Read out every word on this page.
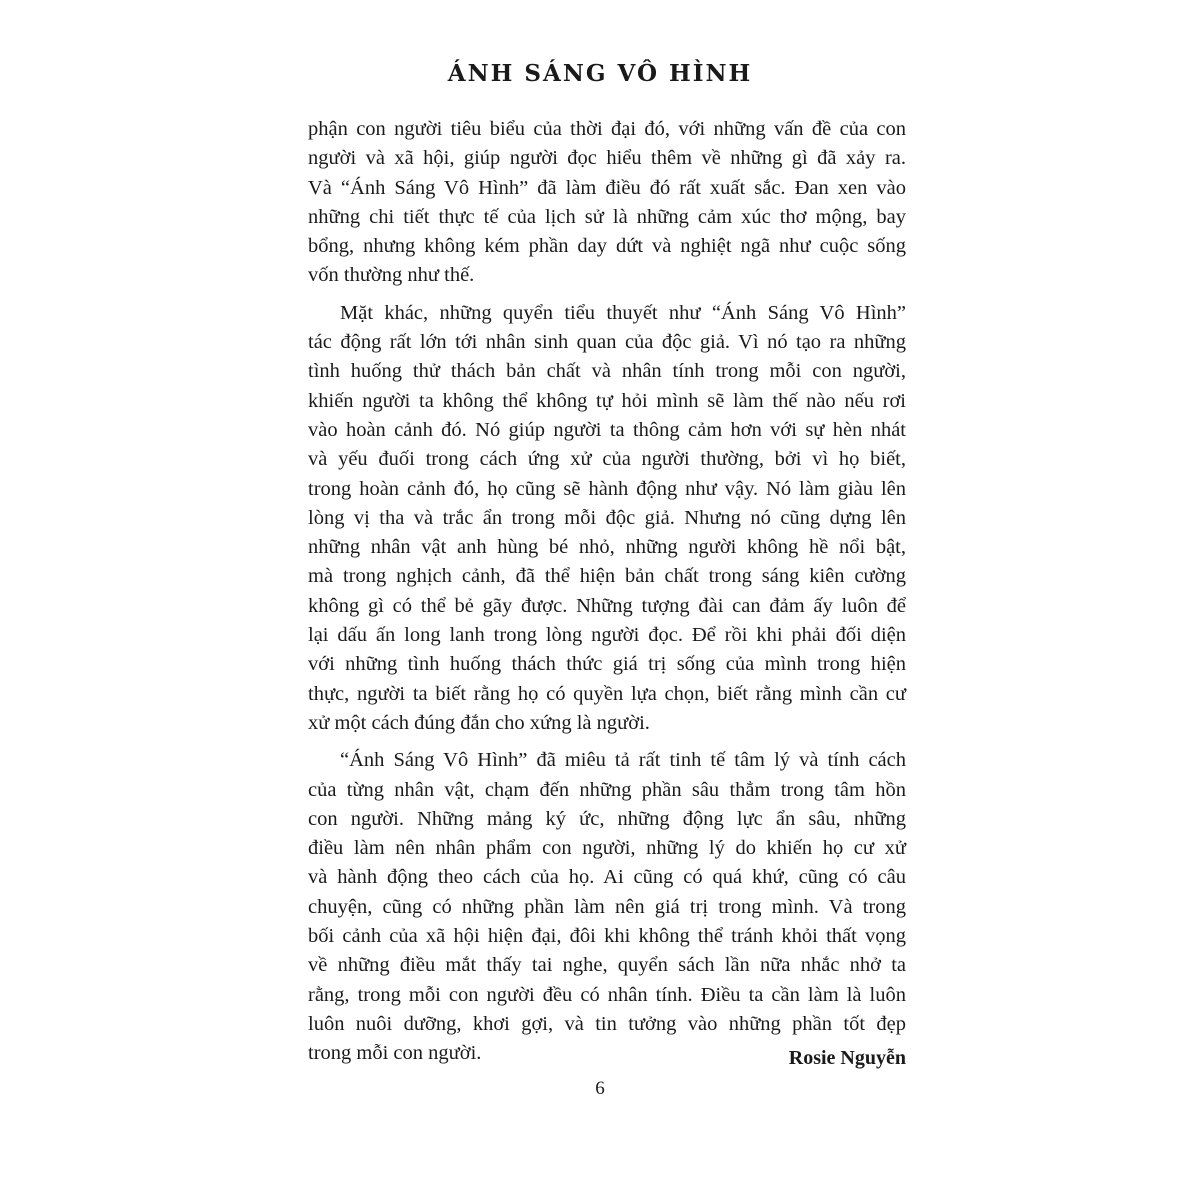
ÁNH SÁNG VÔ HÌNH
phận con người tiêu biểu của thời đại đó, với những vấn đề của con
người và xã hội, giúp người đọc hiểu thêm về những gì đã xảy ra.
Và “Ánh Sáng Vô Hình” đã làm điều đó rất xuất sắc. Đan xen vào
những chi tiết thực tế của lịch sử là những cảm xúc thơ mộng, bay
bổng, nhưng không kém phần day dứt và nghiệt ngã như cuộc sống
vốn thường như thế.
Mặt khác, những quyển tiểu thuyết như “Ánh Sáng Vô Hình”
tác động rất lớn tới nhân sinh quan của độc giả. Vì nó tạo ra những
tình huống thử thách bản chất và nhân tính trong mỗi con người,
khiến người ta không thể không tự hỏi mình sẽ làm thế nào nếu rơi
vào hoàn cảnh đó. Nó giúp người ta thông cảm hơn với sự hèn nhát
và yếu đuối trong cách ứng xử của người thường, bởi vì họ biết,
trong hoàn cảnh đó, họ cũng sẽ hành động như vậy. Nó làm giàu lên
lòng vị tha và trắc ẩn trong mỗi độc giả. Nhưng nó cũng dựng lên
những nhân vật anh hùng bé nhỏ, những người không hề nổi bật,
mà trong nghịch cảnh, đã thể hiện bản chất trong sáng kiên cường
không gì có thể bẻ gãy được. Những tượng đài can đảm ấy luôn để
lại dấu ấn long lanh trong lòng người đọc. Để rồi khi phải đối diện
với những tình huống thách thức giá trị sống của mình trong hiện
thực, người ta biết rằng họ có quyền lựa chọn, biết rằng mình cần cư
xử một cách đúng đắn cho xứng là người.
“Ánh Sáng Vô Hình” đã miêu tả rất tinh tế tâm lý và tính cách
của từng nhân vật, chạm đến những phần sâu thẳm trong tâm hồn
con người. Những mảng ký ức, những động lực ẩn sâu, những
điều làm nên nhân phẩm con người, những lý do khiến họ cư xử
và hành động theo cách của họ. Ai cũng có quá khứ, cũng có câu
chuyện, cũng có những phần làm nên giá trị trong mình. Và trong
bối cảnh của xã hội hiện đại, đôi khi không thể tránh khỏi thất vọng
về những điều mắt thấy tai nghe, quyển sách lần nữa nhắc nhở ta
rằng, trong mỗi con người đều có nhân tính. Điều ta cần làm là luôn
luôn nuôi dưỡng, khơi gợi, và tin tưởng vào những phần tốt đẹp
trong mỗi con người.	Rosie Nguyễn
6
